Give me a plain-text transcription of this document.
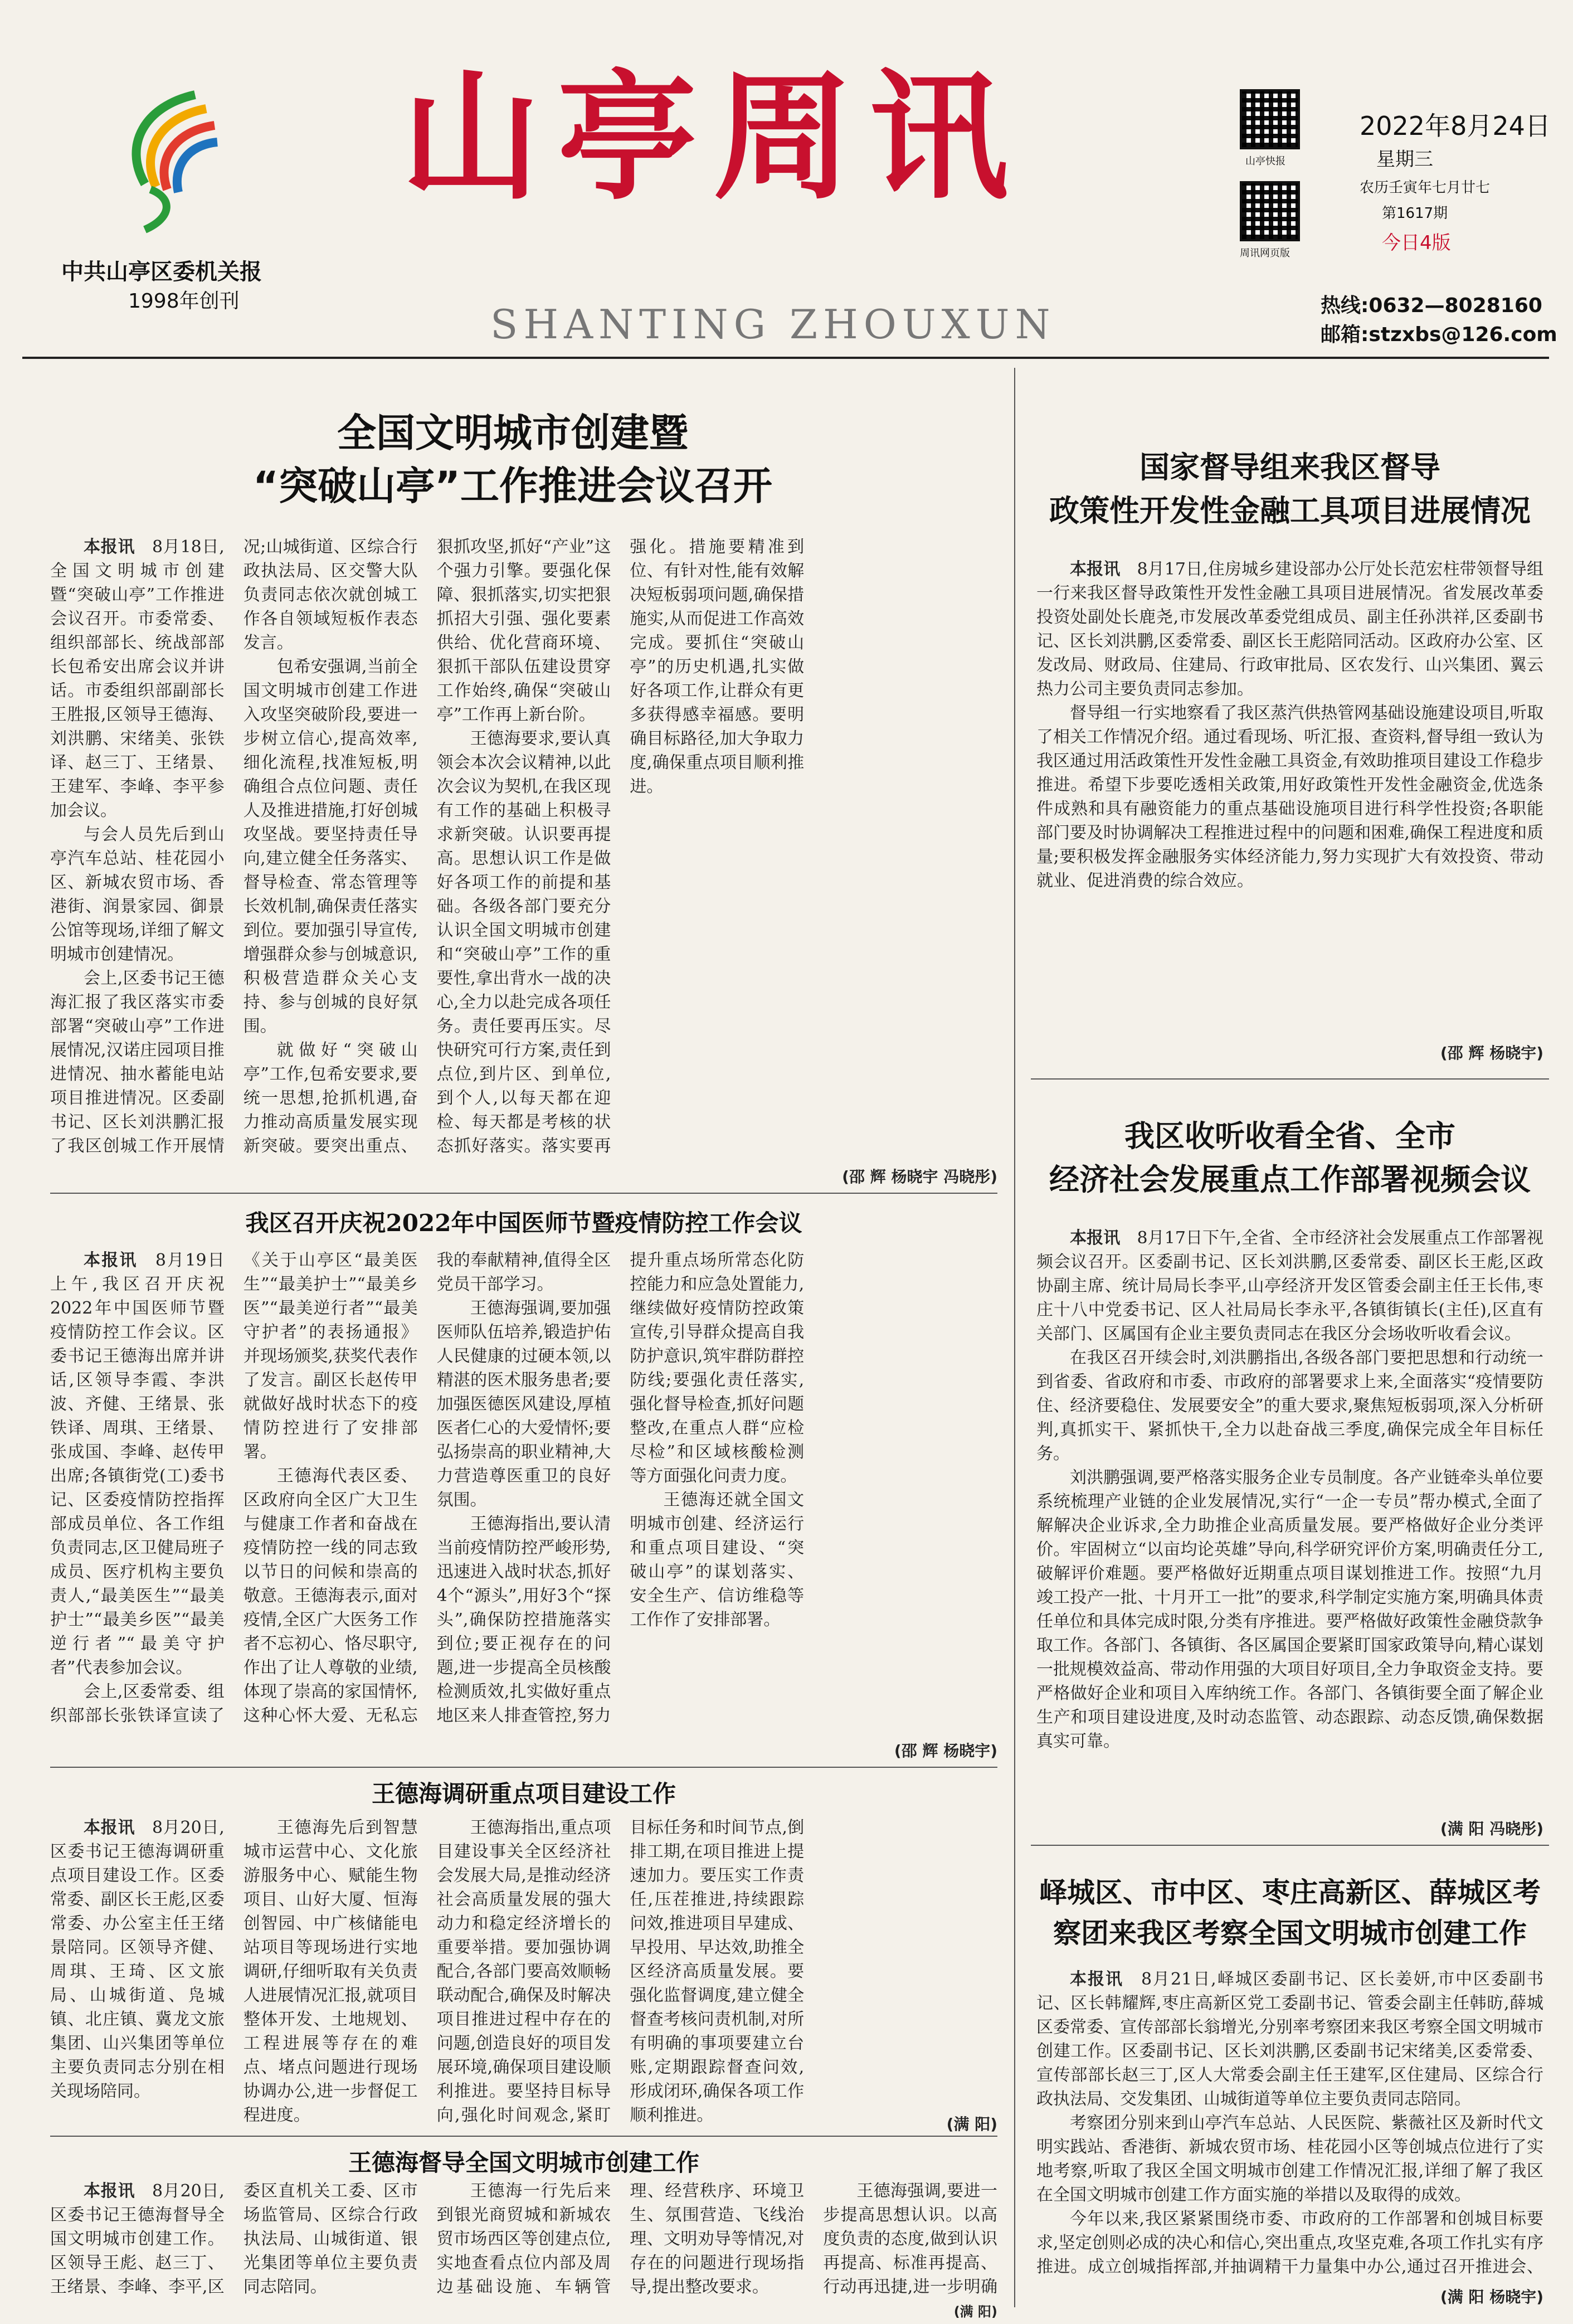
中共山亭区委机关报
1998年创刊
山亭周讯
SHANTING ZHOUXUN
山亭快报
周讯网页版
2022年8月24日
星期三
农历壬寅年七月廿七
第1617期
今日4版
热线:0632—8028160
邮箱:stzxbs@126.com
全国文明城市创建暨
“突破山亭”工作推进会议召开

本报讯　 8月18日,全国文明城市创建暨“突破山亭”工作推进会议召开。市委常委、组织部部长、统战部部长包希安出席会议并讲话。市委组织部副部长王胜报,区领导王德海、刘洪鹏、宋绪美、张铁译、赵三丁、王绪景、王建军、李峰、李平参加会议。

与会人员先后到山亭汽车总站、桂花园小区、新城农贸市场、香港街、润景家园、御景公馆等现场,详细了解文明城市创建情况。

会上,区委书记王德海汇报了我区落实市委部署“突破山亭”工作进展情况,汉诺庄园项目推进情况、抽水蓄能电站项目推进情况。区委副书记、区长刘洪鹏汇报了我区创城工作开展情况;山城街道、区综合行政执法局、区交警大队负责同志依次就创城工作各自领域短板作表态发言。

包希安强调,当前全国文明城市创建工作进入攻坚突破阶段,要进一步树立信心,提高效率,细化流程,找准短板,明确组合点位问题、责任人及推进措施,打好创城攻坚战。要坚持责任导向,建立健全任务落实、督导检查、常态管理等长效机制,确保责任落实到位。要加强引导宣传,增强群众参与创城意识,积极营造群众关心支持、参与创城的良好氛围。

就做好“突破山亭”工作,包希安要求,要统一思想,抢抓机遇,奋力推动高质量发展实现新突破。要突出重点、狠抓攻坚,抓好“产业”这个强力引擎。要强化保障、狠抓落实,切实把狠抓招大引强、强化要素供给、优化营商环境、狠抓干部队伍建设贯穿工作始终,确保“突破山亭”工作再上新台阶。

王德海要求,要认真领会本次会议精神,以此次会议为契机,在我区现有工作的基础上积极寻求新突破。认识要再提高。思想认识工作是做好各项工作的前提和基础。各级各部门要充分认识全国文明城市创建和“突破山亭”工作的重要性,拿出背水一战的决心,全力以赴完成各项任务。责任要再压实。尽快研究可行方案,责任到点位,到片区、到单位,到个人,以每天都在迎检、每天都是考核的状态抓好落实。落实要再强化。措施要精准到位、有针对性,能有效解决短板弱项问题,确保措施实,从而促进工作高效完成。要抓住“突破山亭”的历史机遇,扎实做好各项工作,让群众有更多获得感幸福感。要明确目标路径,加大争取力度,确保重点项目顺利推进。

(邵 辉 杨晓宇 冯晓彤)
我区召开庆祝2022年中国医师节暨疫情防控工作会议

本报讯　 8月19日上午,我区召开庆祝2022年中国医师节暨疫情防控工作会议。区委书记王德海出席并讲话,区领导李霞、李洪波、齐健、王绪景、张铁译、周琪、王绪景、张成国、李峰、赵传甲出席;各镇街党(工)委书记、区委疫情防控指挥部成员单位、各工作组负责同志,区卫健局班子成员、医疗机构主要负责人,“最美医生”“最美护士”“最美乡医”“最美逆行者”“最美守护者”代表参加会议。

会上,区委常委、组织部部长张铁译宣读了《关于山亭区“最美医生”“最美护士”“最美乡医”“最美逆行者”“最美守护者”的表扬通报》并现场颁奖,获奖代表作了发言。副区长赵传甲就做好战时状态下的疫情防控进行了安排部署。

王德海代表区委、区政府向全区广大卫生与健康工作者和奋战在疫情防控一线的同志致以节日的问候和崇高的敬意。王德海表示,面对疫情,全区广大医务工作者不忘初心、恪尽职守,作出了让人尊敬的业绩,体现了崇高的家国情怀,这种心怀大爱、无私忘我的奉献精神,值得全区党员干部学习。

王德海强调,要加强医师队伍培养,锻造护佑人民健康的过硬本领,以精湛的医术服务患者;要加强医德医风建设,厚植医者仁心的大爱情怀;要弘扬崇高的职业精神,大力营造尊医重卫的良好氛围。

王德海指出,要认清当前疫情防控严峻形势,迅速进入战时状态,抓好4个“源头”,用好3个“探头”,确保防控措施落实到位;要正视存在的问题,进一步提高全员核酸检测质效,扎实做好重点地区来人排查管控,努力提升重点场所常态化防控能力和应急处置能力,继续做好疫情防控政策宣传,引导群众提高自我防护意识,筑牢群防群控防线;要强化责任落实,强化督导检查,抓好问题整改,在重点人群“应检尽检”和区域核酸检测等方面强化问责力度。

王德海还就全国文明城市创建、经济运行和重点项目建设、“突破山亭”的谋划落实、安全生产、信访维稳等工作作了安排部署。

(邵 辉 杨晓宇)
王德海调研重点项目建设工作

本报讯　 8月20日,区委书记王德海调研重点项目建设工作。区委常委、副区长王彪,区委常委、办公室主任王绪景陪同。区领导齐健、周琪、王琦、区文旅局、山城街道、凫城镇、北庄镇、冀龙文旅集团、山兴集团等单位主要负责同志分别在相关现场陪同。

王德海先后到智慧城市运营中心、文化旅游服务中心、赋能生物项目、山好大厦、恒海创智园、中广核储能电站项目等现场进行实地调研,仔细听取有关负责人进展情况汇报,就项目整体开发、土地规划、工程进展等存在的难点、堵点问题进行现场协调办公,进一步督促工程进度。

王德海指出,重点项目建设事关全区经济社会发展大局,是推动经济社会高质量发展的强大动力和稳定经济增长的重要举措。要加强协调配合,各部门要高效顺畅联动配合,确保及时解决项目推进过程中存在的问题,创造良好的项目发展环境,确保项目建设顺利推进。要坚持目标导向,强化时间观念,紧盯目标任务和时间节点,倒排工期,在项目推进上提速加力。要压实工作责任,压茬推进,持续跟踪问效,推进项目早建成、早投用、早达效,助推全区经济高质量发展。要强化监督调度,建立健全督查考核问责机制,对所有明确的事项要建立台账,定期跟踪督查问效,形成闭环,确保各项工作顺利推进。	(满 阳)
王德海督导全国文明城市创建工作

本报讯　 8月20日,区委书记王德海督导全国文明城市创建工作。区领导王彪、赵三丁、王绪景、李峰、李平,区委区直机关工委、区市场监管局、区综合行政执法局、山城街道、银光集团等单位主要负责同志陪同。

王德海一行先后来到银光商贸城和新城农贸市场西区等创建点位,实地查看点位内部及周边基础设施、车辆管理、经营秩序、环境卫生、氛围营造、飞线治理、文明劝导等情况,对存在的问题进行现场指导,提出整改要求。

王德海强调,要进一步提高思想认识。以高度负责的态度,做到认识再提高、标准再提高、行动再迅捷,进一步明确

(满 阳)
国家督导组来我区督导
政策性开发性金融工具项目进展情况

本报讯　 8月17日,住房城乡建设部办公厅处长范宏柱带领督导组一行来我区督导政策性开发性金融工具项目进展情况。省发展改革委投资处副处长鹿尧,市发展改革委党组成员、副主任孙洪祥,区委副书记、区长刘洪鹏,区委常委、副区长王彪陪同活动。区政府办公室、区发改局、财政局、住建局、行政审批局、区农发行、山兴集团、翼云热力公司主要负责同志参加。

督导组一行实地察看了我区蒸汽供热管网基础设施建设项目,听取了相关工作情况介绍。通过看现场、听汇报、查资料,督导组一致认为我区通过用活政策性开发性金融工具资金,有效助推项目建设工作稳步推进。希望下步要吃透相关政策,用好政策性开发性金融资金,优选条件成熟和具有融资能力的重点基础设施项目进行科学性投资;各职能部门要及时协调解决工程推进过程中的问题和困难,确保工程进度和质量;要积极发挥金融服务实体经济能力,努力实现扩大有效投资、带动就业、促进消费的综合效应。

(邵 辉 杨晓宇)
我区收听收看全省、全市
经济社会发展重点工作部署视频会议

本报讯　 8月17日下午,全省、全市经济社会发展重点工作部署视频会议召开。区委副书记、区长刘洪鹏,区委常委、副区长王彪,区政协副主席、统计局局长李平,山亭经济开发区管委会副主任王长伟,枣庄十八中党委书记、区人社局局长李永平,各镇街镇长(主任),区直有关部门、区属国有企业主要负责同志在我区分会场收听收看会议。

在我区召开续会时,刘洪鹏指出,各级各部门要把思想和行动统一到省委、省政府和市委、市政府的部署要求上来,全面落实“疫情要防住、经济要稳住、发展要安全”的重大要求,聚焦短板弱项,深入分析研判,真抓实干、紧抓快干,全力以赴奋战三季度,确保完成全年目标任务。

刘洪鹏强调,要严格落实服务企业专员制度。各产业链牵头单位要系统梳理产业链的企业发展情况,实行“一企一专员”帮办模式,全面了解解决企业诉求,全力助推企业高质量发展。要严格做好企业分类评价。牢固树立“以亩均论英雄”导向,科学研究评价方案,明确责任分工,破解评价难题。要严格做好近期重点项目谋划推进工作。按照“九月竣工投产一批、十月开工一批”的要求,科学制定实施方案,明确具体责任单位和具体完成时限,分类有序推进。要严格做好政策性金融贷款争取工作。各部门、各镇街、各区属国企要紧盯国家政策导向,精心谋划一批规模效益高、带动作用强的大项目好项目,全力争取资金支持。要严格做好企业和项目入库纳统工作。各部门、各镇街要全面了解企业生产和项目建设进度,及时动态监管、动态跟踪、动态反馈,确保数据真实可靠。

(满 阳 冯晓彤)
峄城区、市中区、枣庄高新区、薛城区考
察团来我区考察全国文明城市创建工作

本报讯　 8月21日,峄城区委副书记、区长姜妍,市中区委副书记、区长韩耀辉,枣庄高新区党工委副书记、管委会副主任韩昉,薛城区委常委、宣传部部长翁增光,分别率考察团来我区考察全国文明城市创建工作。区委副书记、区长刘洪鹏,区委副书记宋绪美,区委常委、宣传部部长赵三丁,区人大常委会副主任王建军,区住建局、区综合行政执法局、交发集团、山城街道等单位主要负责同志陪同。

考察团分别来到山亭汽车总站、人民医院、紫薇社区及新时代文明实践站、香港街、新城农贸市场、桂花园小区等创城点位进行了实地考察,听取了我区全国文明城市创建工作情况汇报,详细了解了我区在全国文明城市创建工作方面实施的举措以及取得的成效。

今年以来,我区紧紧围绕市委、市政府的工作部署和创城目标要求,坚定创则必成的决心和信心,突出重点,攻坚克难,各项工作扎实有序推进。成立创城指挥部,并抽调精干力量集中办公,通过召开推进会、

(满 阳 杨晓宇)
